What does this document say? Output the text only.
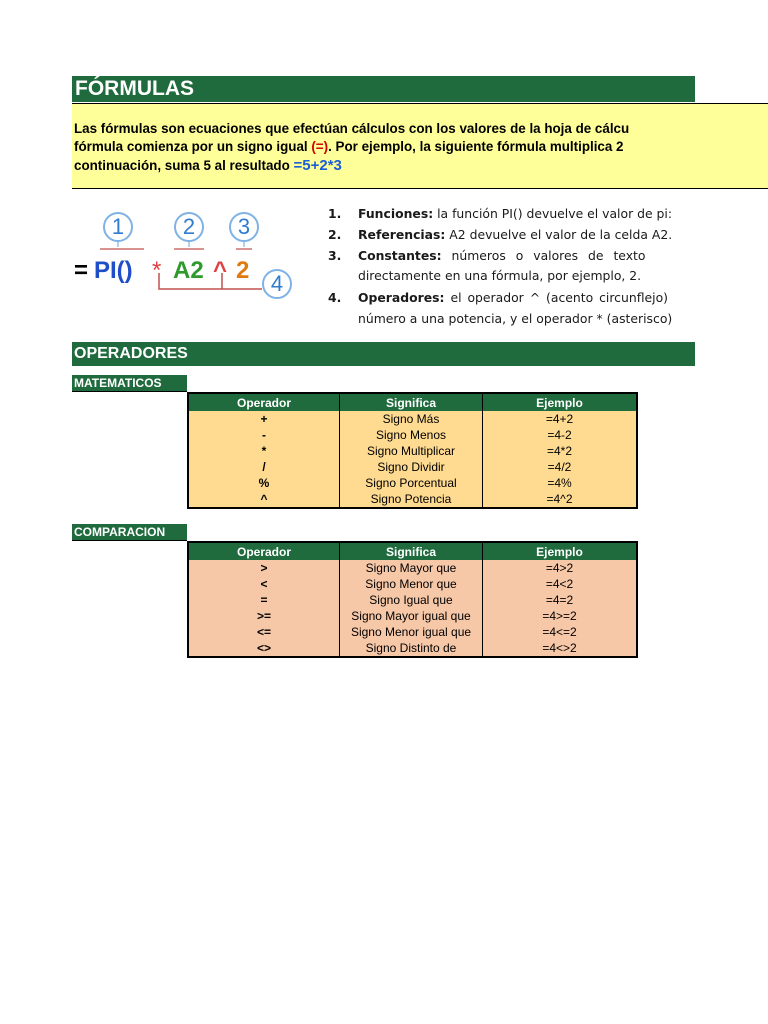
FÓRMULAS
Las fórmulas son ecuaciones que efectúan cálculos con los valores de la hoja de cálcu
fórmula comienza por un signo igual (=). Por ejemplo, la siguiente fórmula multiplica 2
continuación, suma 5 al resultado =5+2*3
1	2	3
4
= PI() * A2 ^ 2
1. Funciones: la función PI() devuelve el valor de pi:
2. Referencias: A2 devuelve el valor de la celda A2.
3. Constantes: números o valores de texto
directamente en una fórmula, por ejemplo, 2.
4. Operadores: el operador ^ (acento circunflejo)
número a una potencia, y el operador * (asterisco)
OPERADORES
MATEMATICOS
Operador	Significa	Ejemplo
+	Signo Más	=4+2
-	Signo Menos	=4-2
*	Signo Multiplicar	=4*2
/	Signo Dividir	=4/2
%	Signo Porcentual	=4%
^	Signo Potencia	=4^2
COMPARACION
Operador	Significa	Ejemplo
>	Signo Mayor que	=4>2
<	Signo Menor que	=4<2
=	Signo Igual que	=4=2
>=	Signo Mayor igual que	=4>=2
<=	Signo Menor igual que	=4<=2
<>	Signo Distinto de	=4<>2
